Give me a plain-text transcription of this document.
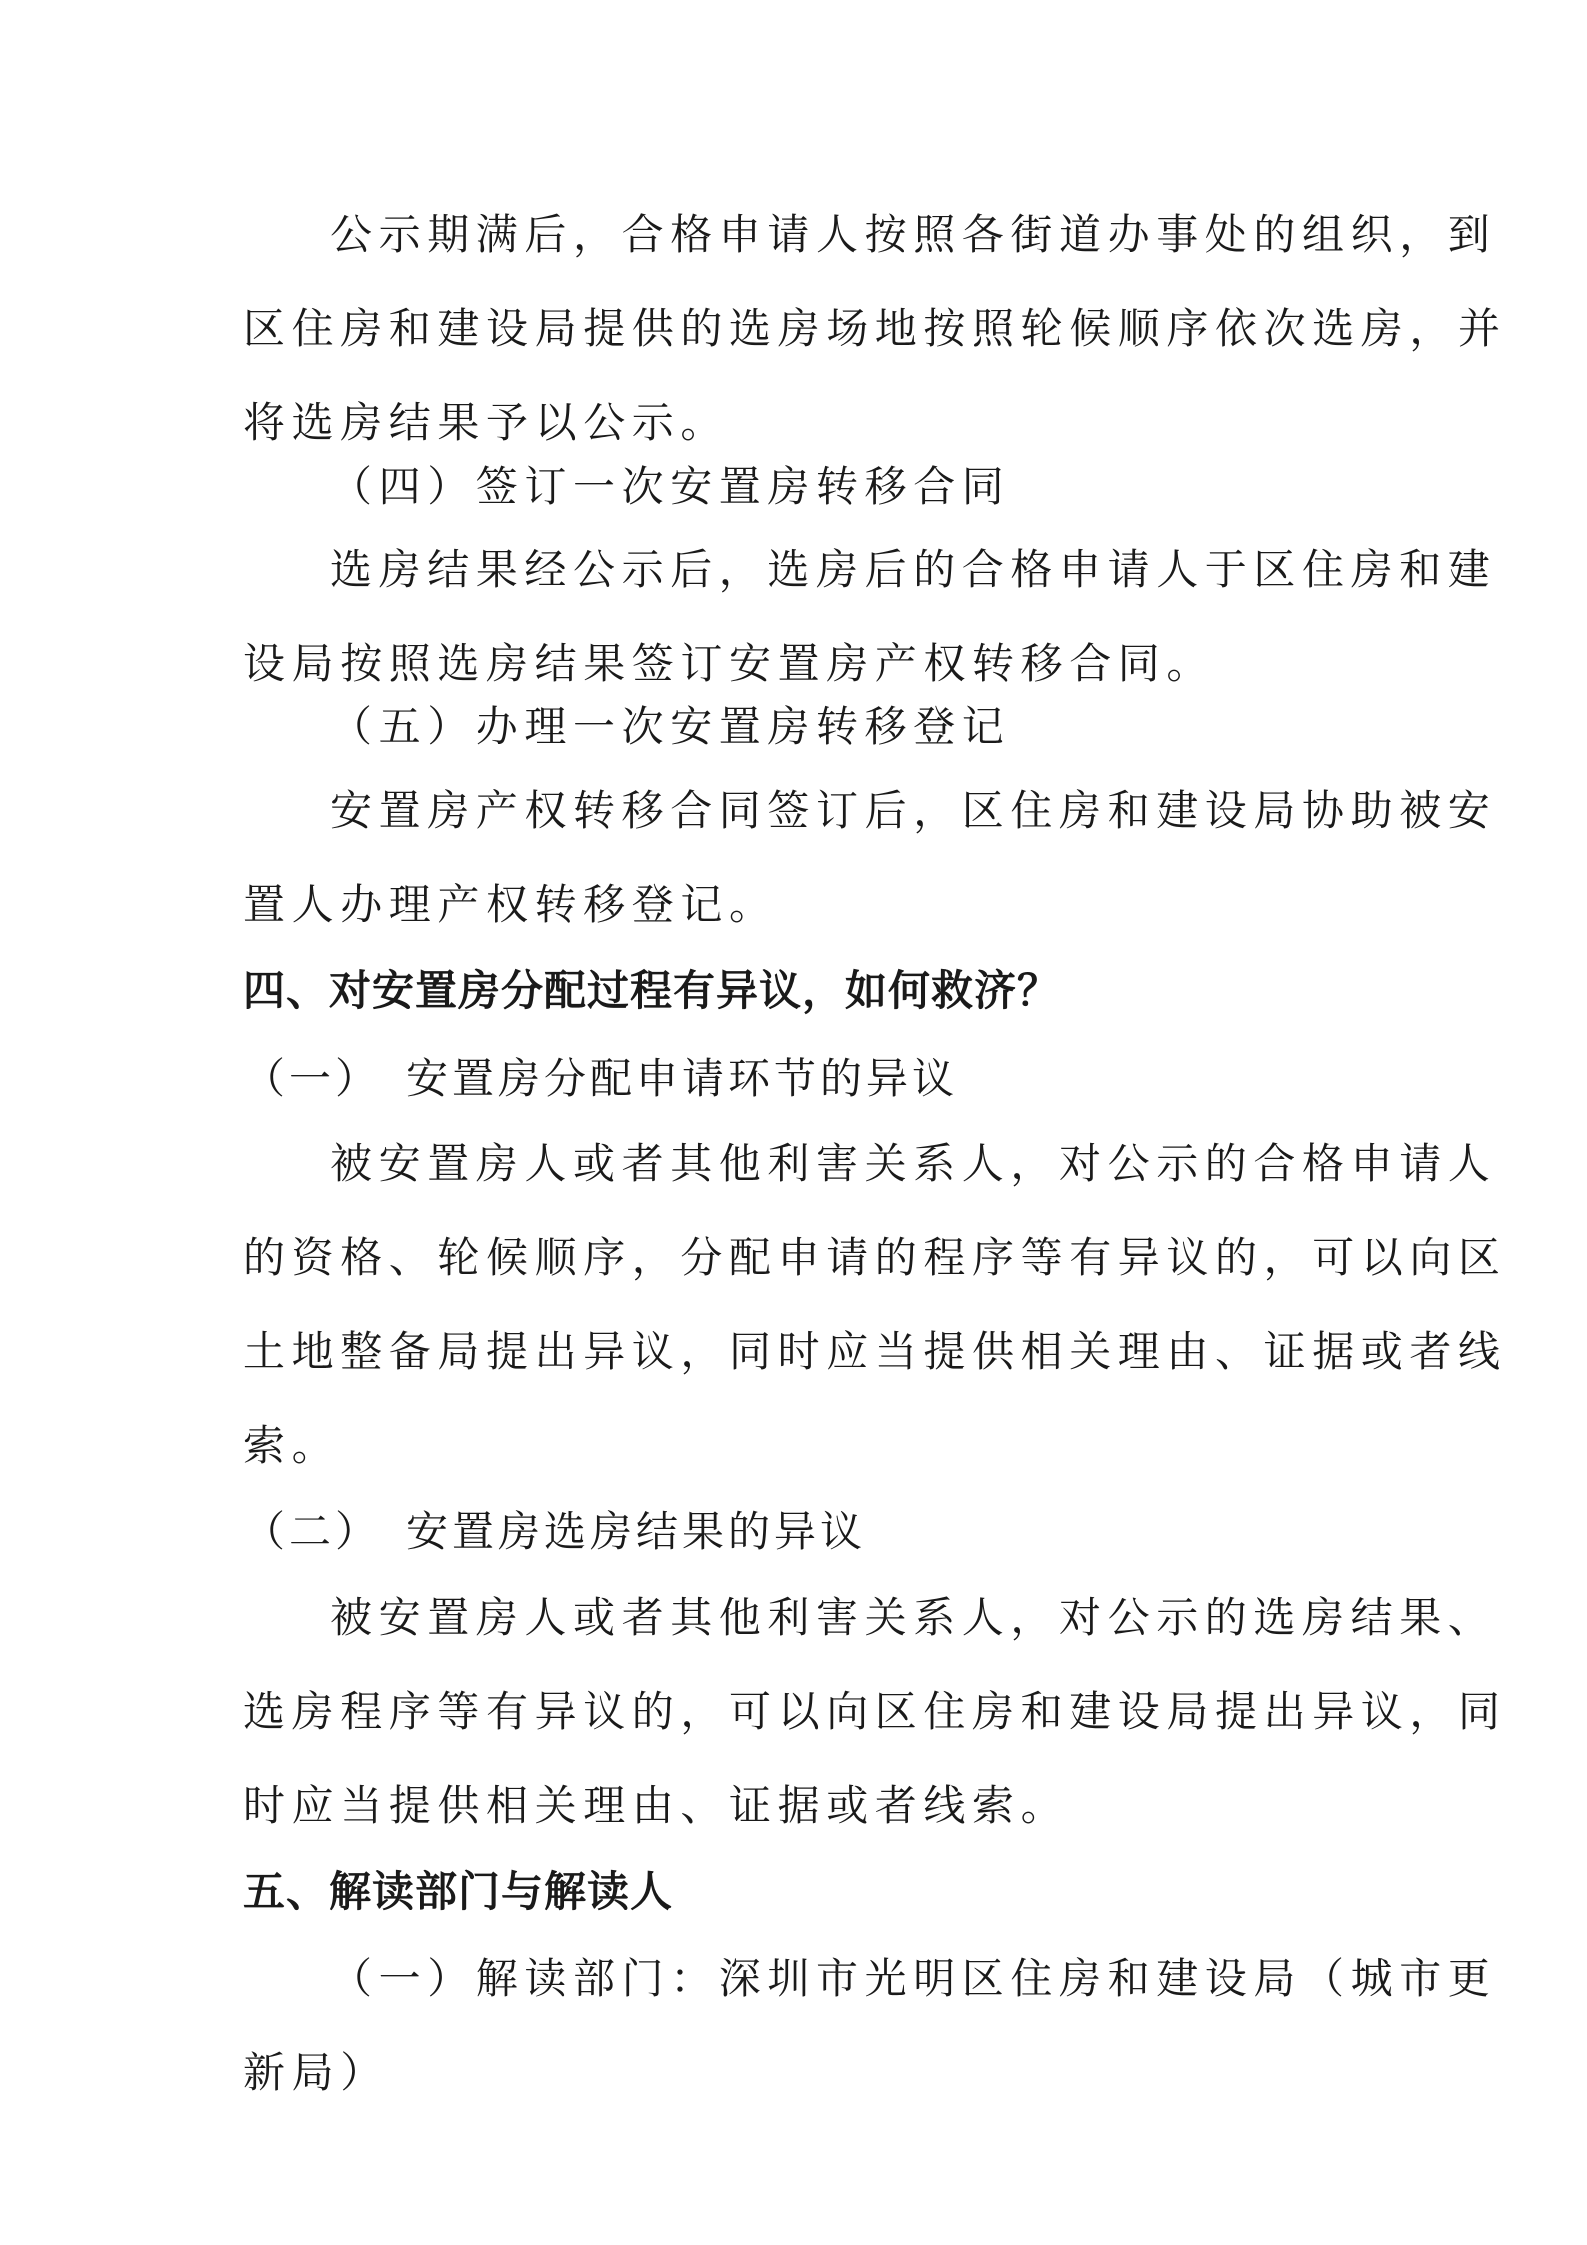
公示期满后，合格申请人按照各街道办事处的组织，到
区住房和建设局提供的选房场地按照轮候顺序依次选房，并
将选房结果予以公示。
（四）签订一次安置房转移合同
选房结果经公示后，选房后的合格申请人于区住房和建
设局按照选房结果签订安置房产权转移合同。
（五）办理一次安置房转移登记
安置房产权转移合同签订后，区住房和建设局协助被安
置人办理产权转移登记。
四、对安置房分配过程有异议，如何救济？
（一）　安置房分配申请环节的异议
被安置房人或者其他利害关系人，对公示的合格申请人
的资格、轮候顺序，分配申请的程序等有异议的，可以向区
土地整备局提出异议，同时应当提供相关理由、证据或者线
索。
（二）　安置房选房结果的异议
被安置房人或者其他利害关系人，对公示的选房结果、
选房程序等有异议的，可以向区住房和建设局提出异议，同
时应当提供相关理由、证据或者线索。
五、解读部门与解读人
（一）解读部门：深圳市光明区住房和建设局（城市更
新局）
